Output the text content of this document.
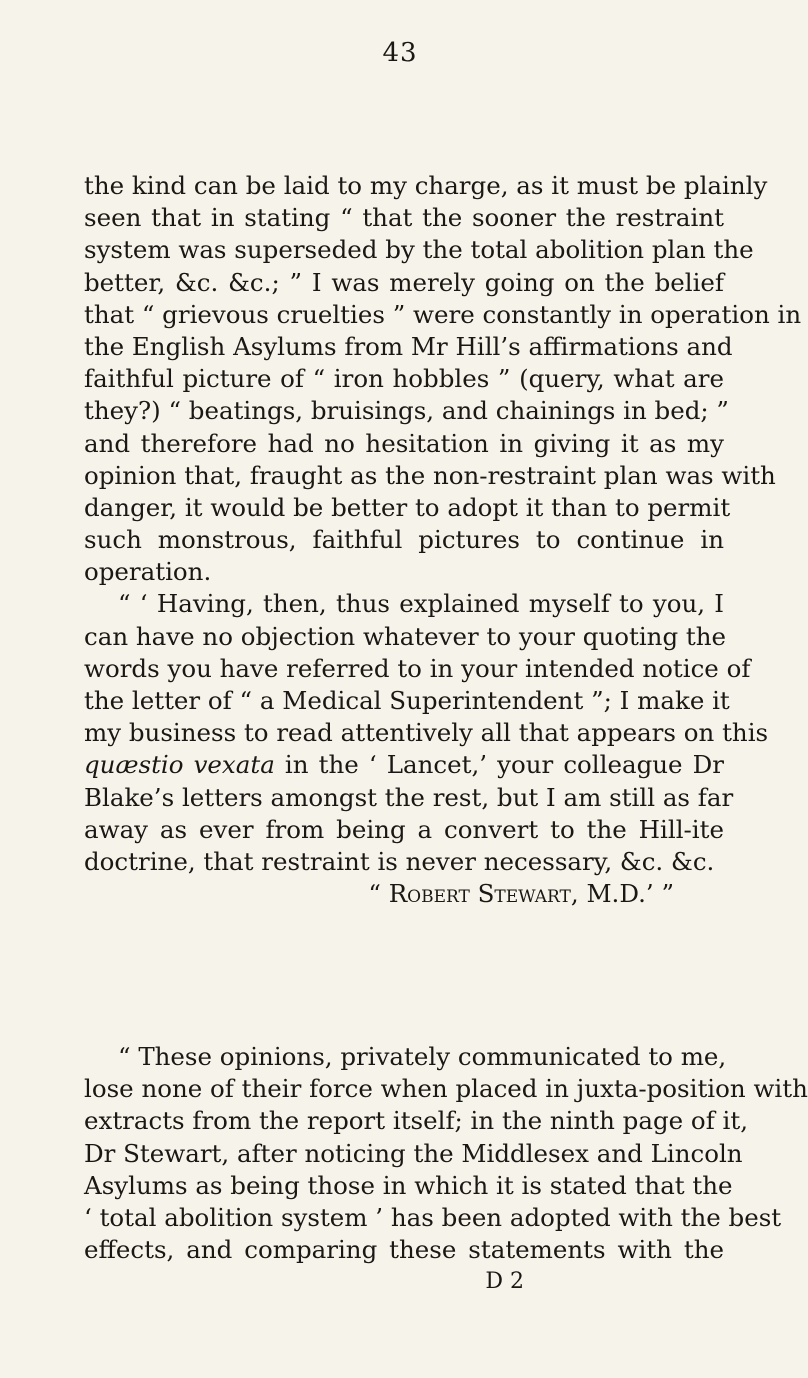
43
the kind can be laid to my charge, as it must be plainly
seen that in stating “ that the sooner the restraint
system was superseded by the total abolition plan the
better, &c. &c.; ” I was merely going on the belief
that “ grievous cruelties ” were constantly in operation in
the English Asylums from Mr Hill’s affirmations and
faithful picture of “ iron hobbles ” (query, what are
they?) “ beatings, bruisings, and chainings in bed; ”
and therefore had no hesitation in giving it as my
opinion that, fraught as the non-restraint plan was with
danger, it would be better to adopt it than to permit
such monstrous, faithful pictures to continue in
operation.
“ ‘ Having, then, thus explained myself to you, I
can have no objection whatever to your quoting the
words you have referred to in your intended notice of
the letter of “ a Medical Superintendent ”; I make it
my business to read attentively all that appears on this
quæstio vexata in the ‘ Lancet,’ your colleague Dr
Blake’s letters amongst the rest, but I am still as far
away as ever from being a convert to the Hill-ite
doctrine, that restraint is never necessary, &c. &c.
“ Robert Stewart, M.D.’ ”
“ These opinions, privately communicated to me,
lose none of their force when placed in juxta-position with
extracts from the report itself; in the ninth page of it,
Dr Stewart, after noticing the Middlesex and Lincoln
Asylums as being those in which it is stated that the
‘ total abolition system ’ has been adopted with the best
effects, and comparing these statements with the
D 2
